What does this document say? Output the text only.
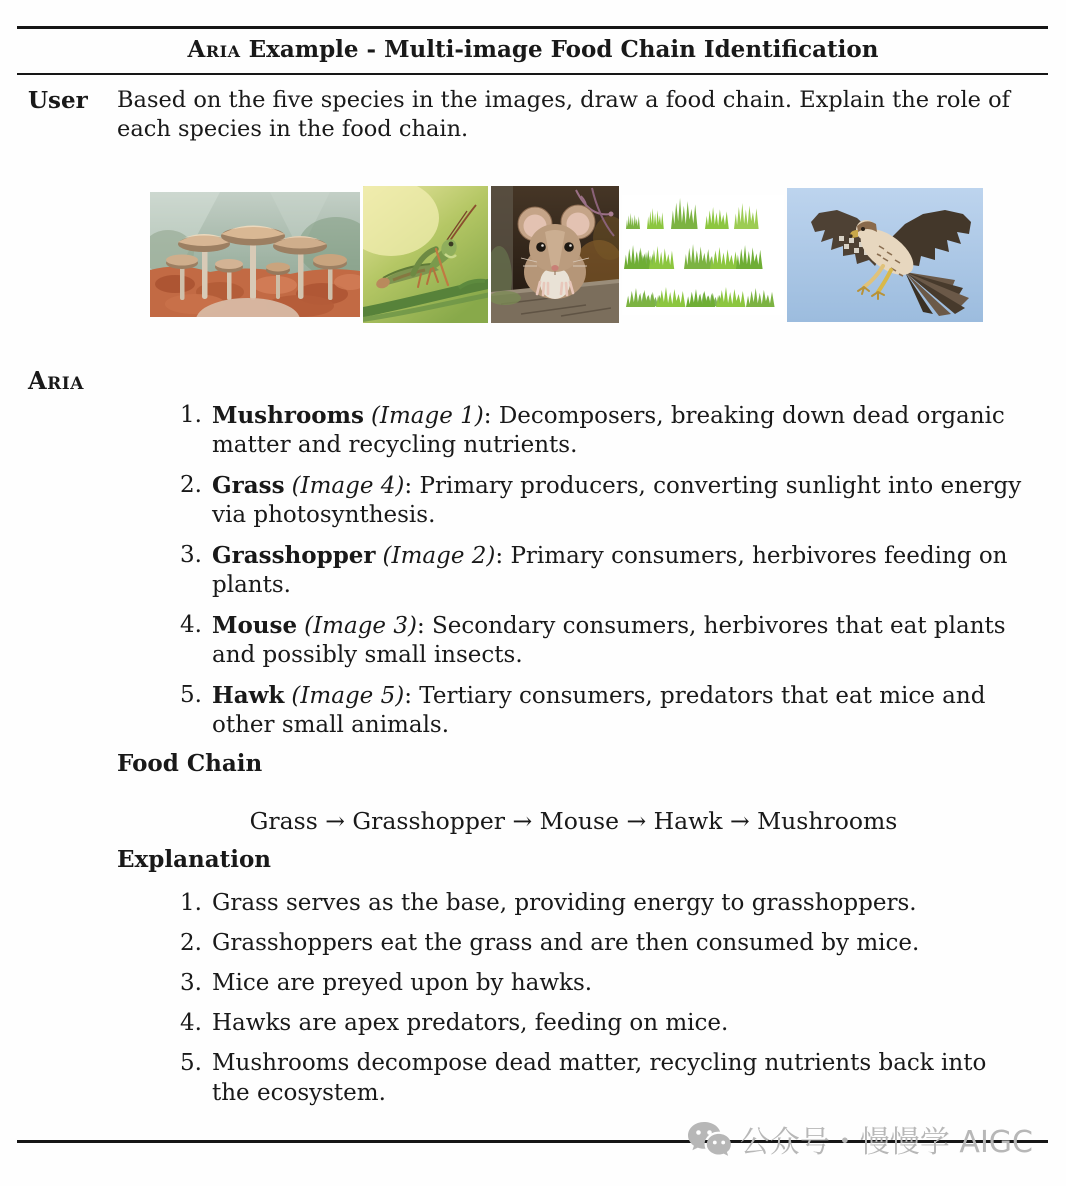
Aria Example - Multi-image Food Chain Identification
User	Based on the five species in the images, draw a food chain. Explain the role of each species in the food chain.
Aria
1. Mushrooms (Image 1): Decomposers, breaking down dead organic matter and recycling nutrients.
2. Grass (Image 4): Primary producers, converting sunlight into energy via photosynthesis.
3. Grasshopper (Image 2): Primary consumers, herbivores feeding on plants.
4. Mouse (Image 3): Secondary consumers, herbivores that eat plants and possibly small insects.
5. Hawk (Image 5): Tertiary consumers, predators that eat mice and other small animals.
Food Chain
Grass → Grasshopper → Mouse → Hawk → Mushrooms
Explanation
1. Grass serves as the base, providing energy to grasshoppers.
2. Grasshoppers eat the grass and are then consumed by mice.
3. Mice are preyed upon by hawks.
4. Hawks are apex predators, feeding on mice.
5. Mushrooms decompose dead matter, recycling nutrients back into the ecosystem.
公众号・慢慢学 AIGC
